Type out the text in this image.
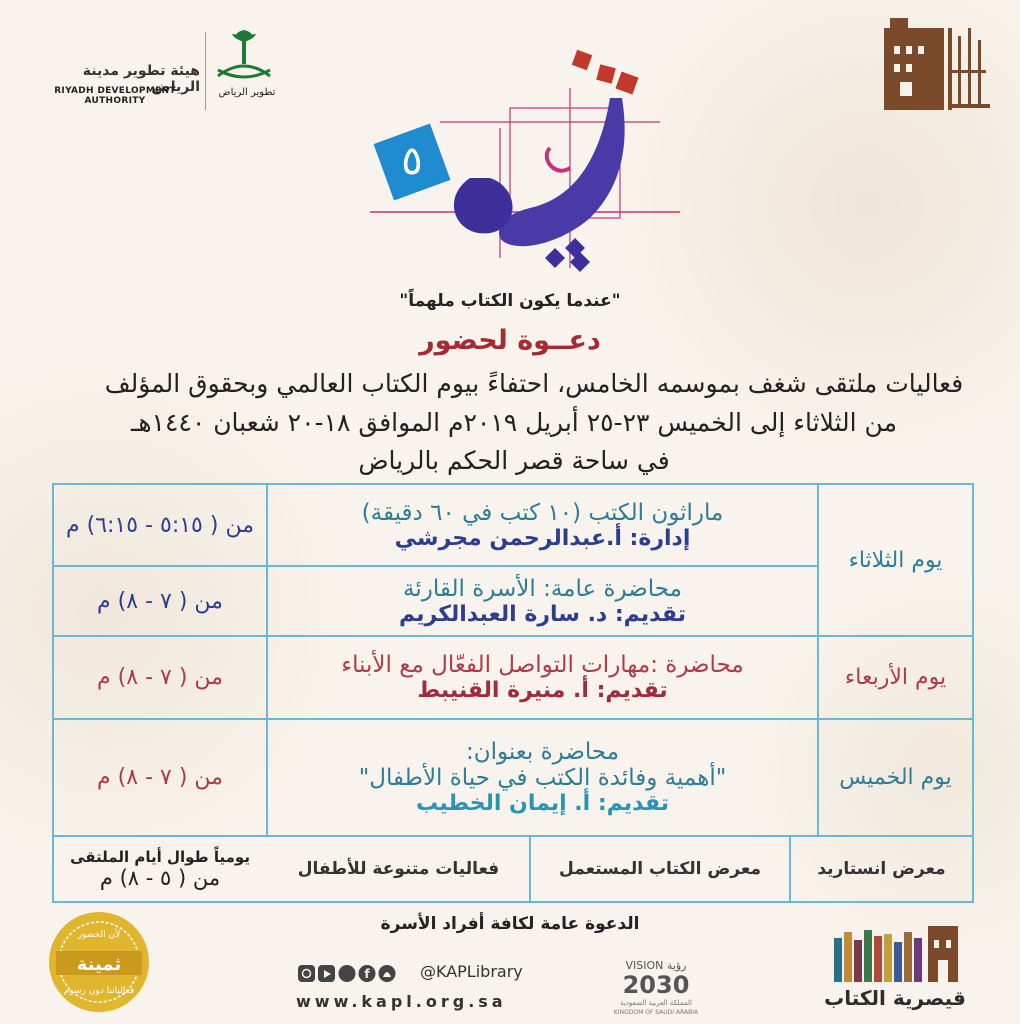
هيئة تطوير مدينة الرياض
RIYADH DEVELOPMENT AUTHORITY
تطوير الرياض
٥
"عندما يكون الكتاب ملهماً"
دعــوة لحضور
فعاليات ملتقى شغف بموسمه الخامس، احتفاءً بيوم الكتاب العالمي وبحقوق المؤلف
من الثلاثاء إلى الخميس ٢٣-٢٥ أبريل ٢٠١٩م الموافق ١٨-٢٠ شعبان ١٤٤٠هـ
في ساحة قصر الحكم بالرياض
يوم الثلاثاء
يوم الأربعاء
يوم الخميس
ماراثون الكتب (١٠ كتب في ٦٠ دقيقة)
إدارة: أ.عبدالرحمن مجرشي
من ( ٥:١٥ - ٦:١٥) م
محاضرة عامة: الأسرة القارئة
تقديم: د. سارة العبدالكريم
من ( ٧ - ٨) م
محاضرة :مهارات التواصل الفعّال مع الأبناء
تقديم: أ. منيرة القنيبط
من ( ٧ - ٨) م
محاضرة بعنوان:
"أهمية وفائدة الكتب في حياة الأطفال"
تقديم: أ. إيمان الخطيب
من ( ٧ - ٨) م
معرض انستاريد
معرض الكتاب المستعمل
فعاليات متنوعة للأطفال
يومياً طوال أيام الملتقى
من ( ٥ - ٨) م
الدعوة عامة لكافة أفراد الأسرة
ثمينة
لأن الحضور
فعالياتنا دون رسوم
f	@KAPLibrary
www.kapl.org.sa
VISION رؤية
2030
المملكة العربية السعودية
KINGDOM OF SAUDI ARABIA
قيصرية الكتاب
